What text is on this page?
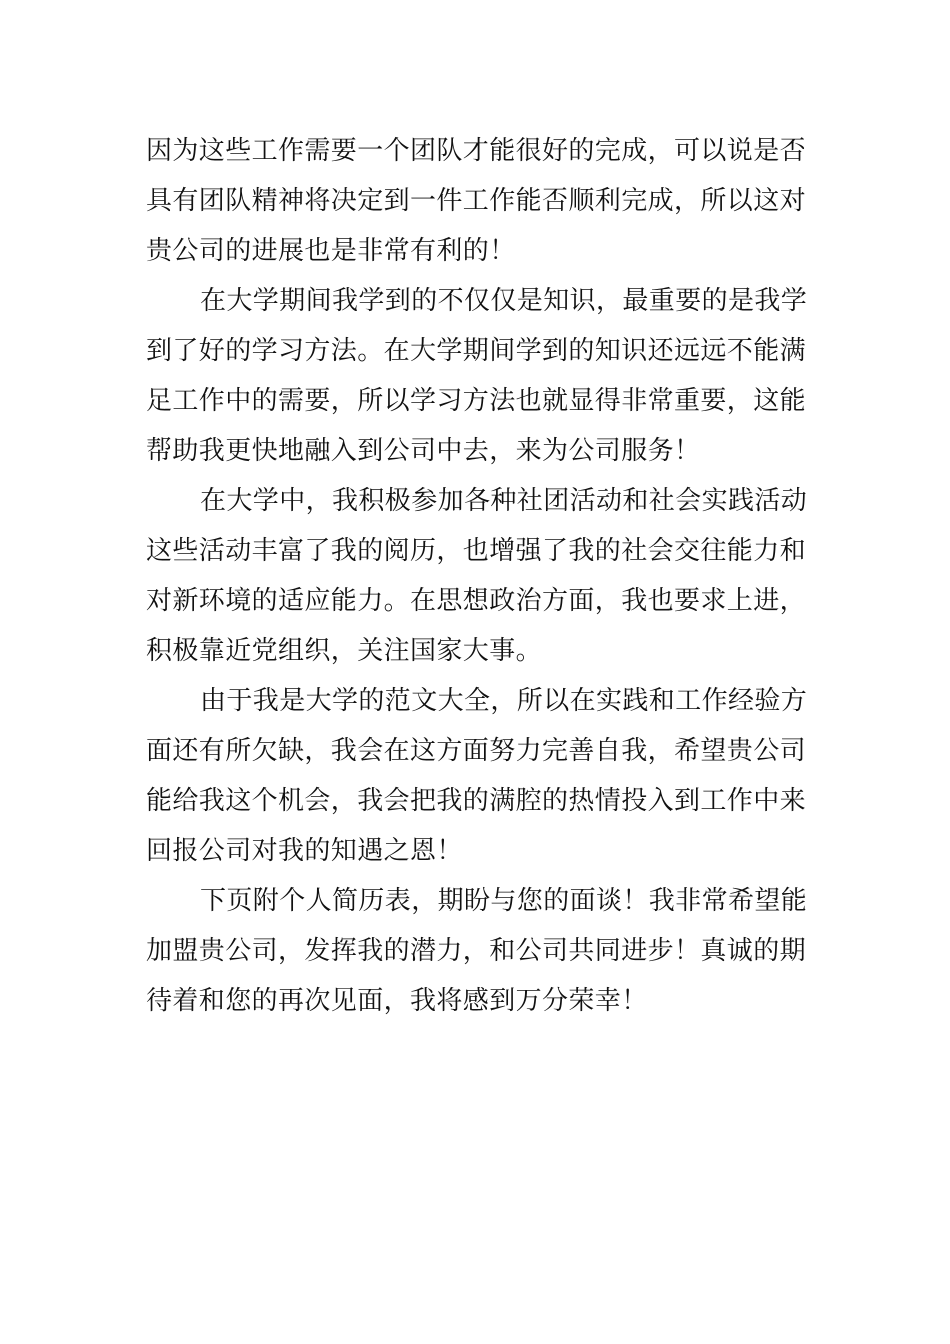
因为这些工作需要一个团队才能很好的完成，可以说是否
具有团队精神将决定到一件工作能否顺利完成，所以这对
贵公司的进展也是非常有利的！
在大学期间我学到的不仅仅是知识，最重要的是我学
到了好的学习方法。在大学期间学到的知识还远远不能满
足工作中的需要，所以学习方法也就显得非常重要，这能
帮助我更快地融入到公司中去，来为公司服务！
在大学中，我积极参加各种社团活动和社会实践活动
这些活动丰富了我的阅历，也增强了我的社会交往能力和
对新环境的适应能力。在思想政治方面，我也要求上进，
积极靠近党组织，关注国家大事。
由于我是大学的范文大全，所以在实践和工作经验方
面还有所欠缺，我会在这方面努力完善自我，希望贵公司
能给我这个机会，我会把我的满腔的热情投入到工作中来
回报公司对我的知遇之恩！
下页附个人简历表，期盼与您的面谈！我非常希望能
加盟贵公司，发挥我的潜力，和公司共同进步！真诚的期
待着和您的再次见面，我将感到万分荣幸！
